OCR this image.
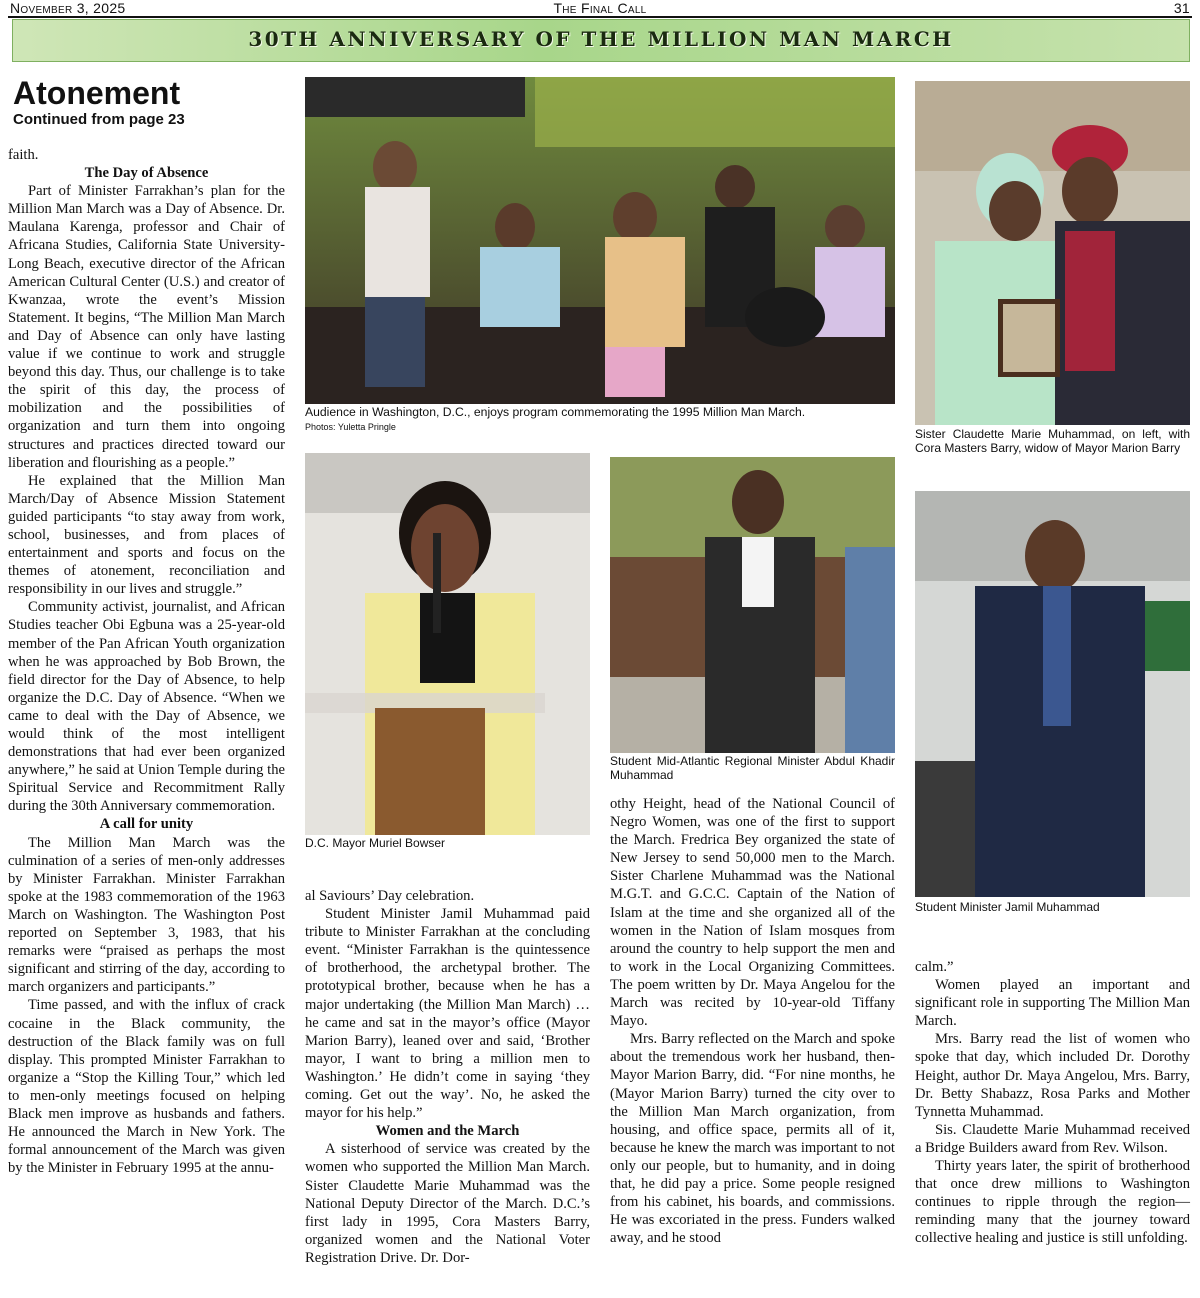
November 3, 2025	The Final Call	31
30TH ANNIVERSARY OF THE MILLION MAN MARCH
Atonement
Continued from page 23

faith.

The Day of Absence

Part of Minister Farrakhan’s plan for the Million Man March was a Day of Absence. Dr. Maulana Karenga, professor and Chair of Africana Studies, California State University-Long Beach, executive director of the African American Cultural Center (U.S.) and creator of Kwanzaa, wrote the event’s Mission Statement. It begins, “The Million Man March and Day of Absence can only have lasting value if we continue to work and struggle beyond this day. Thus, our challenge is to take the spirit of this day, the process of mobilization and the possibilities of organization and turn them into ongoing structures and practices directed toward our liberation and flourishing as a people.”

He explained that the Million Man March/Day of Absence Mission Statement guided participants “to stay away from work, school, businesses, and from places of entertainment and sports and focus on the themes of atonement, reconciliation and responsibility in our lives and struggle.”

Community activist, journalist, and African Studies teacher Obi Egbuna was a 25-year-old member of the Pan African Youth organization when he was approached by Bob Brown, the field director for the Day of Absence, to help organize the D.C. Day of Absence. “When we came to deal with the Day of Absence, we would think of the most intelligent demonstrations that had ever been organized anywhere,” he said at Union Temple during the Spiritual Service and Recommitment Rally during the 30th Anniversary commemoration.

A call for unity

The Million Man March was the culmination of a series of men-only addresses by Minister Farrakhan. Minister Farrakhan spoke at the 1983 commemoration of the 1963 March on Washington. The Washington Post reported on September 3, 1983, that his remarks were “praised as perhaps the most significant and stirring of the day, according to march organizers and participants.”

Time passed, and with the influx of crack cocaine in the Black community, the destruction of the Black family was on full display. This prompted Minister Farrakhan to organize a “Stop the Killing Tour,” which led to men-only meetings focused on helping Black men improve as husbands and fathers. He announced the March in New York. The formal announcement of the March was given by the Minister in February 1995 at the annu-

Audience in Washington, D.C., enjoys program commemorating the 1995 Million Man March.
Photos: Yuletta Pringle	Sister Claudette Marie Muhammad, on left, with Cora Masters Barry, widow of Mayor Marion Barry
D.C. Mayor Muriel Bowser
Student Mid-Atlantic Regional Minister Abdul Khadir Muhammad
Student Minister Jamil Muhammad

al Saviours’ Day celebration.

Student Minister Jamil Muhammad paid tribute to Minister Farrakhan at the concluding event. “Minister Farrakhan is the quintessence of brotherhood, the archetypal brother. The prototypical brother, because when he has a major undertaking (the Million Man March) … he came and sat in the mayor’s office (Mayor Marion Barry), leaned over and said, ‘Brother mayor, I want to bring a million men to Washington.’ He didn’t come in saying ‘they coming. Get out the way’. No, he asked the mayor for his help.”

Women and the March

A sisterhood of service was created by the women who supported the Million Man March. Sister Claudette Marie Muhammad was the National Deputy Director of the March. D.C.’s first lady in 1995, Cora Masters Barry, organized women and the National Voter Registration Drive. Dr. Dor-

othy Height, head of the National Council of Negro Women, was one of the first to support the March. Fredrica Bey organized the state of New Jersey to send 50,000 men to the March. Sister Charlene Muhammad was the National M.G.T. and G.C.C. Captain of the Nation of Islam at the time and she organized all of the women in the Nation of Islam mosques from around the country to help support the men and to work in the Local Organizing Committees. The poem written by Dr. Maya Angelou for the March was recited by 10-year-old Tiffany Mayo.

Mrs. Barry reflected on the March and spoke about the tremendous work her husband, then-Mayor Marion Barry, did. “For nine months, he (Mayor Marion Barry) turned the city over to the Million Man March organization, from housing, and office space, permits all of it, because he knew the march was important to not only our people, but to humanity, and in doing that, he did pay a price. Some people resigned from his cabinet, his boards, and commissions. He was excoriated in the press. Funders walked away, and he stood

calm.”

Women played an important and significant role in supporting The Million Man March.

Mrs. Barry read the list of women who spoke that day, which included Dr. Dorothy Height, author Dr. Maya Angelou, Mrs. Barry, Dr. Betty Shabazz, Rosa Parks and Mother Tynnetta Muhammad.

Sis. Claudette Marie Muhammad received a Bridge Builders award from Rev. Wilson.

Thirty years later, the spirit of brotherhood that once drew millions to Washington continues to ripple through the region—reminding many that the journey toward collective healing and justice is still unfolding.
